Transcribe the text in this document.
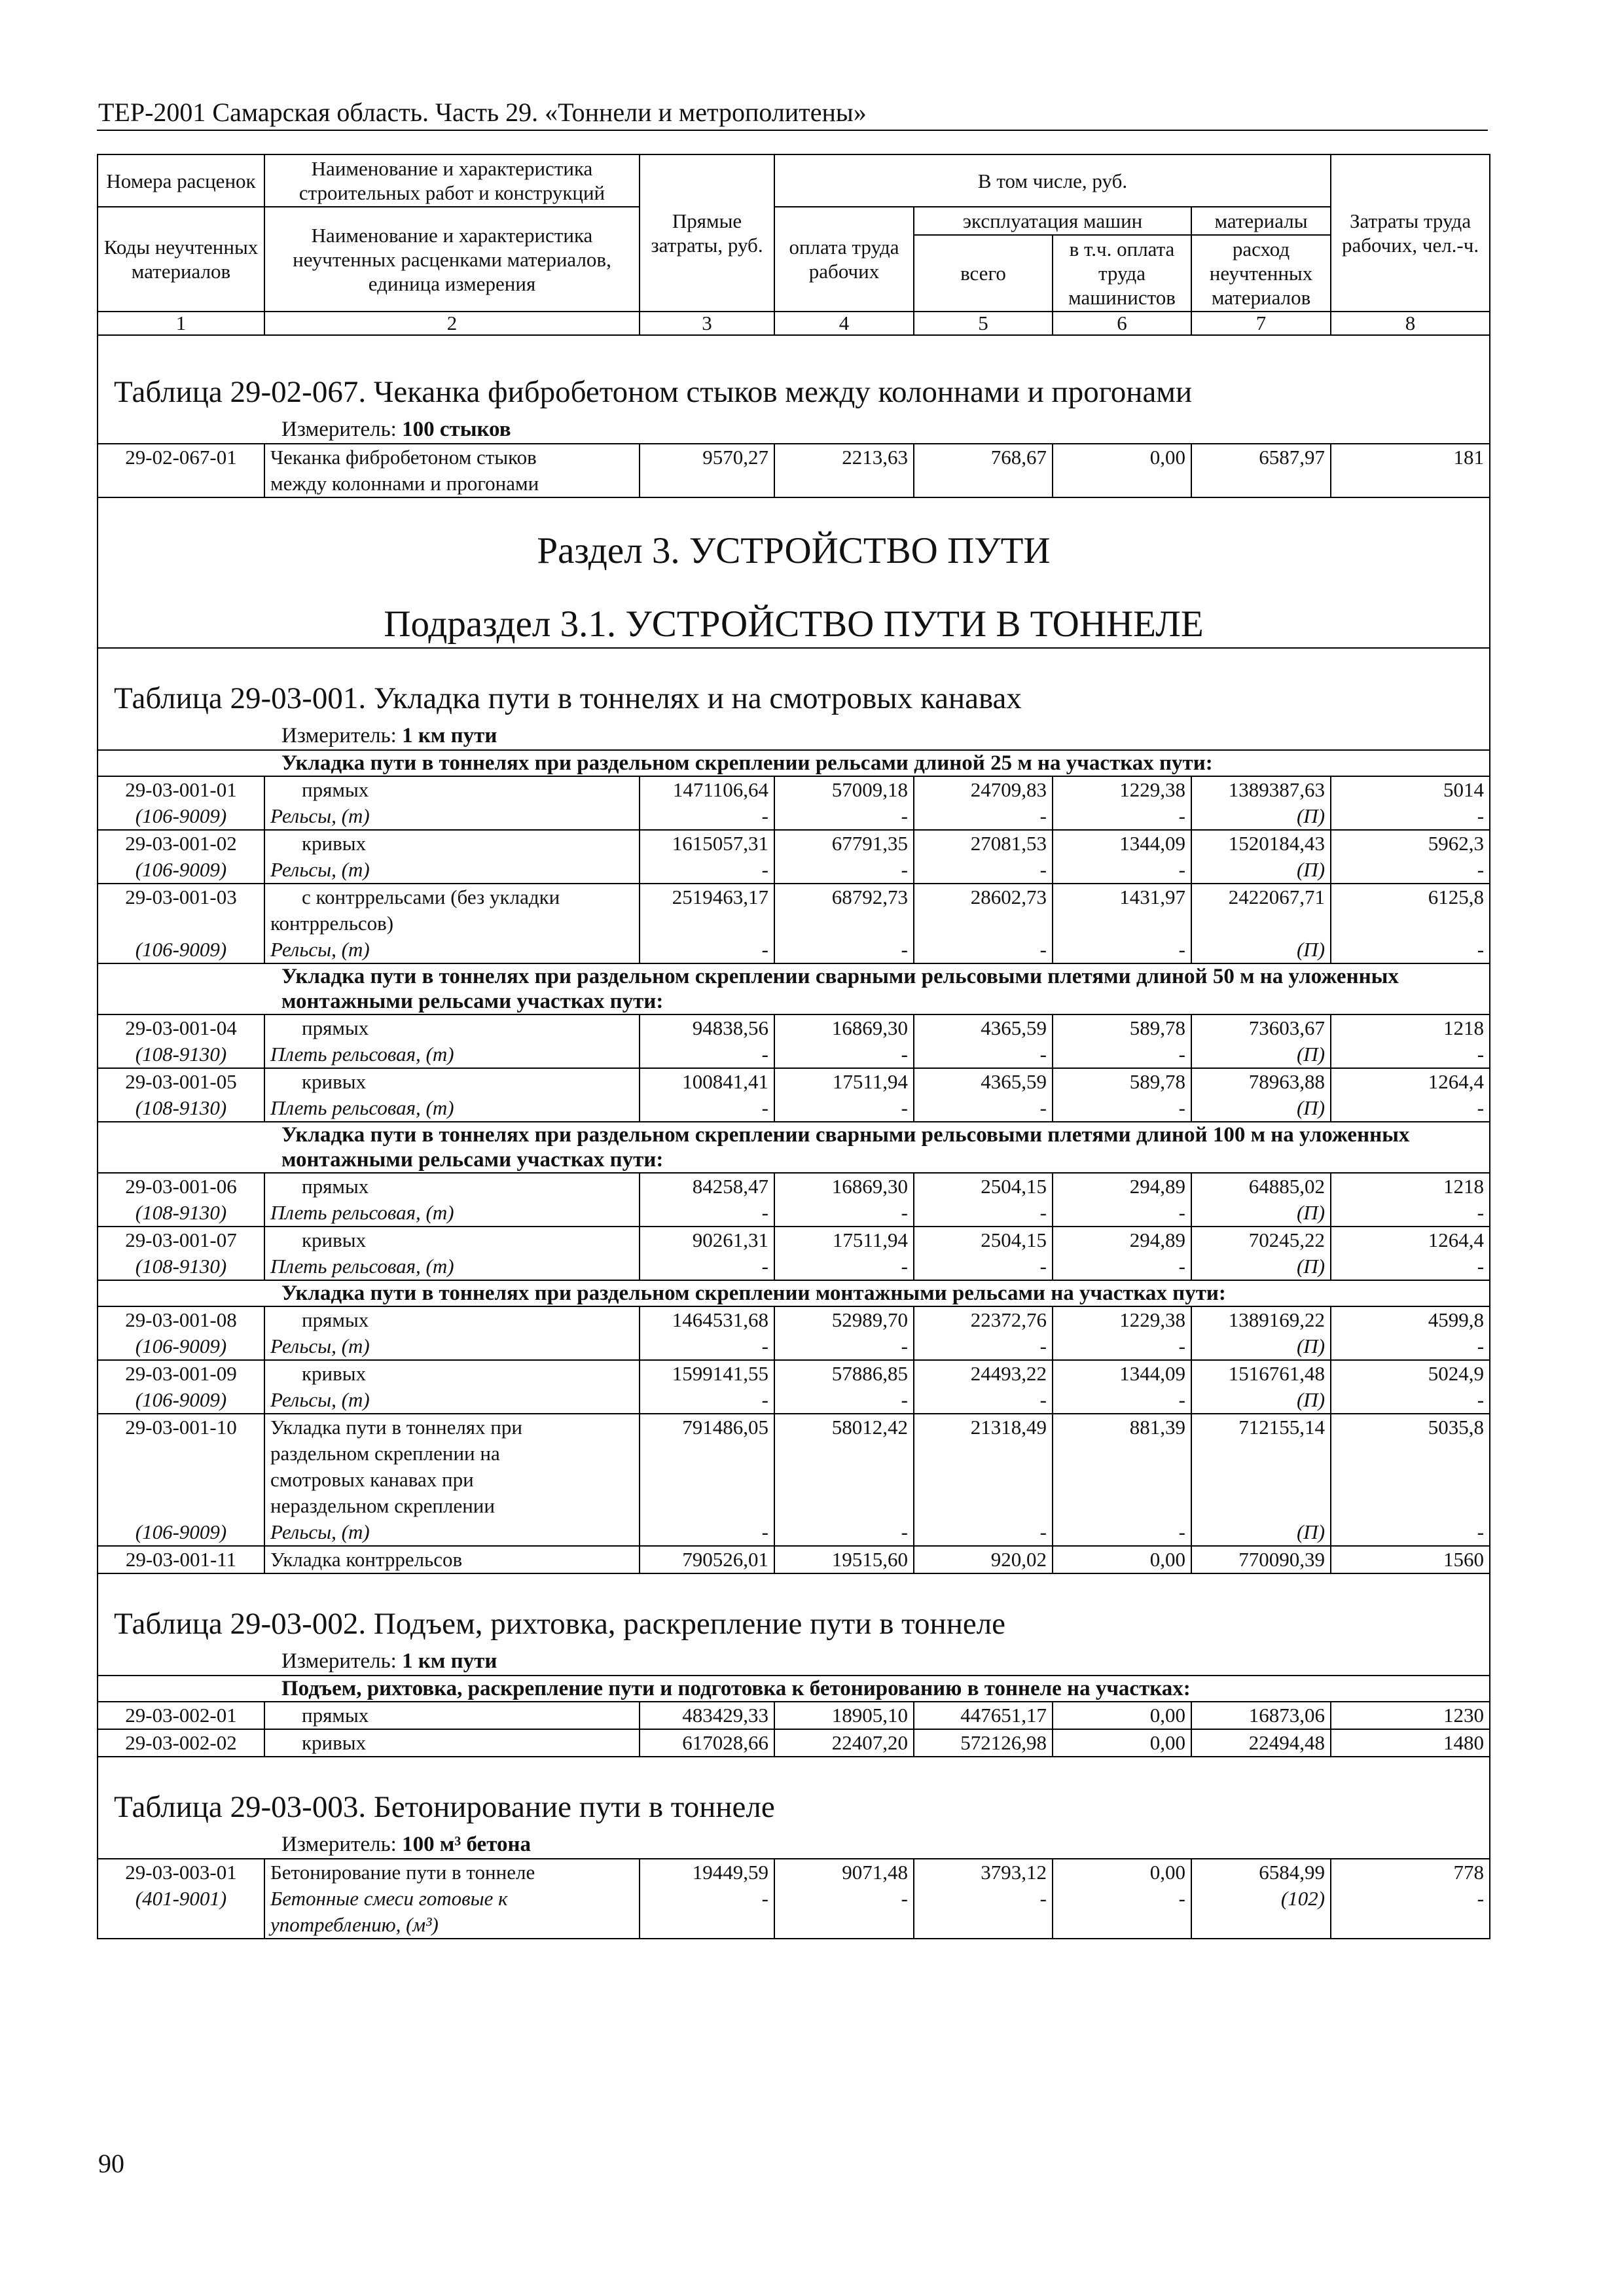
ТЕР-2001 Самарская область. Часть 29. «Тоннели и метрополитены»
Номера расценок	Наименование и характеристика строительных работ и конструкций	Прямые затраты, руб.	В том числе, руб.				Затраты труда рабочих, чел.-ч.
Коды неучтенных материалов	Наименование и характеристика неучтенных расценками материалов, единица измерения		оплата труда рабочих	эксплуатация машин		материалы	
				всего	в т.ч. оплата труда машинистов	расход неучтенных материалов	
1	2	3	4	5	6	7	8
Таблица 29-02-067. Чеканка фибробетоном стыков между колоннами и прогонами							
Измеритель: 100 стыков							
29-02-067-01	Чеканка фибробетоном стыков
между колоннами и прогонами	9570,27	2213,63	768,67	0,00	6587,97	181
Раздел 3. УСТРОЙСТВО ПУТИ							
Подраздел 3.1. УСТРОЙСТВО ПУТИ В ТОННЕЛЕ							
Таблица 29-03-001. Укладка пути в тоннелях и на смотровых канавах							
Измеритель: 1 км пути							
Укладка пути в тоннелях при раздельном скреплении рельсами длиной 25 м на участках пути:							
29-03-001-01	прямых	1471106,64	57009,18	24709,83	1229,38	1389387,63	5014
(106-9009)	Рельсы, (т)	-	-	-	-	(П)	-
29-03-001-02	кривых	1615057,31	67791,35	27081,53	1344,09	1520184,43	5962,3
(106-9009)	Рельсы, (т)	-	-	-	-	(П)	-
29-03-001-03	с контррельсами (без укладки
контррельсов)	2519463,17	68792,73	28602,73	1431,97	2422067,71	6125,8
(106-9009)	Рельсы, (т)	-	-	-	-	(П)	-
Укладка пути в тоннелях при раздельном скреплении сварными рельсовыми плетями длиной 50 м на уложенных монтажными рельсами участках пути:							
29-03-001-04	прямых	94838,56	16869,30	4365,59	589,78	73603,67	1218
(108-9130)	Плеть рельсовая, (т)	-	-	-	-	(П)	-
29-03-001-05	кривых	100841,41	17511,94	4365,59	589,78	78963,88	1264,4
(108-9130)	Плеть рельсовая, (т)	-	-	-	-	(П)	-
Укладка пути в тоннелях при раздельном скреплении сварными рельсовыми плетями длиной 100 м на уложенных монтажными рельсами участках пути:							
29-03-001-06	прямых	84258,47	16869,30	2504,15	294,89	64885,02	1218
(108-9130)	Плеть рельсовая, (т)	-	-	-	-	(П)	-
29-03-001-07	кривых	90261,31	17511,94	2504,15	294,89	70245,22	1264,4
(108-9130)	Плеть рельсовая, (т)	-	-	-	-	(П)	-
Укладка пути в тоннелях при раздельном скреплении монтажными рельсами на участках пути:							
29-03-001-08	прямых	1464531,68	52989,70	22372,76	1229,38	1389169,22	4599,8
(106-9009)	Рельсы, (т)	-	-	-	-	(П)	-
29-03-001-09	кривых	1599141,55	57886,85	24493,22	1344,09	1516761,48	5024,9
(106-9009)	Рельсы, (т)	-	-	-	-	(П)	-
29-03-001-10	Укладка пути в тоннелях при
раздельном скреплении на
смотровых канавах при
нераздельном скреплении	791486,05	58012,42	21318,49	881,39	712155,14	5035,8
(106-9009)	Рельсы, (т)	-	-	-	-	(П)	-
29-03-001-11	Укладка контррельсов	790526,01	19515,60	920,02	0,00	770090,39	1560
Таблица 29-03-002. Подъем, рихтовка, раскрепление пути в тоннеле							
Измеритель: 1 км пути							
Подъем, рихтовка, раскрепление пути и подготовка к бетонированию в тоннеле на участках:							
29-03-002-01	прямых	483429,33	18905,10	447651,17	0,00	16873,06	1230
29-03-002-02	кривых	617028,66	22407,20	572126,98	0,00	22494,48	1480
Таблица 29-03-003. Бетонирование пути в тоннеле							
Измеритель: 100 м³ бетона							
29-03-003-01	Бетонирование пути в тоннеле	19449,59	9071,48	3793,12	0,00	6584,99	778
(401-9001)	Бетонные смеси готовые к
употреблению, (м³)	-	-	-	-	(102)	-
90
